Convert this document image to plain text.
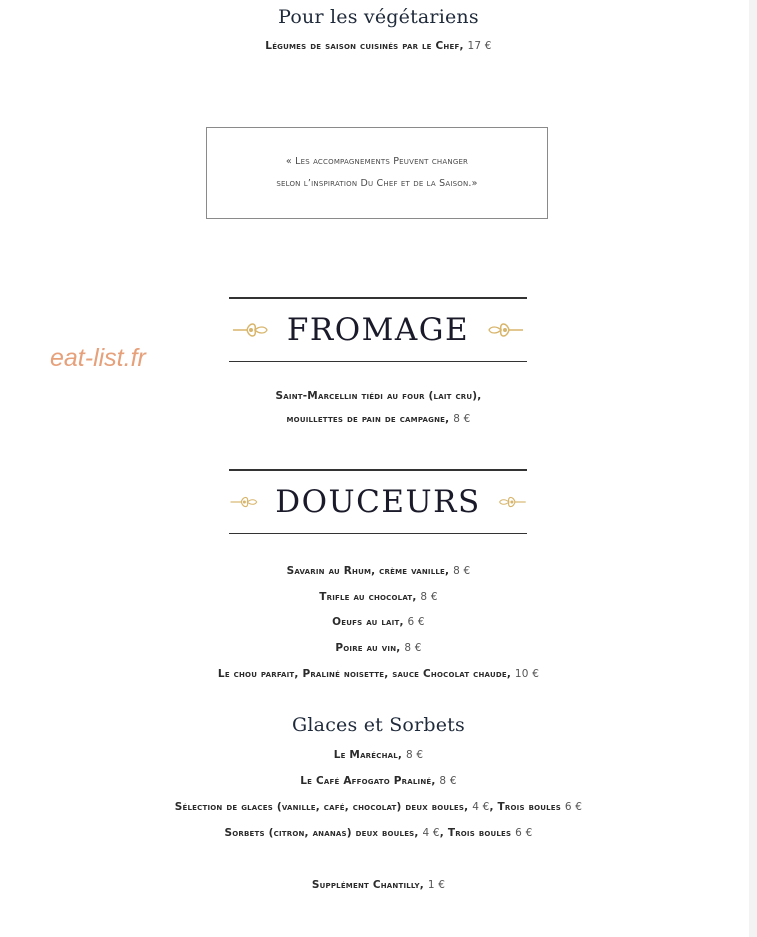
Pour les végétariens
Légumes de saison cuisinés par le Chef, 17 €
« Les accompagnements Peuvent changer
selon l’inspiration Du Chef et de la Saison.»
eat-list.fr
FROMAGE
Saint-Marcellin tiédi au four (lait cru),
mouillettes de pain de campagne, 8 €
DOUCEURS
Savarin au Rhum, crème vanille, 8 €
Trifle au chocolat, 8 €
Oeufs au lait, 6 €
Poire au vin, 8 €
Le chou parfait, Praliné noisette, sauce Chocolat chaude, 10 €
Glaces et Sorbets
Le Maréchal, 8 €
Le Café Affogato Praliné, 8 €
Sélection de glaces (vanille, café, chocolat) deux boules, 4 €, Trois boules 6 €
Sorbets (citron, ananas) deux boules, 4 €, Trois boules 6 €
Supplément Chantilly, 1 €
